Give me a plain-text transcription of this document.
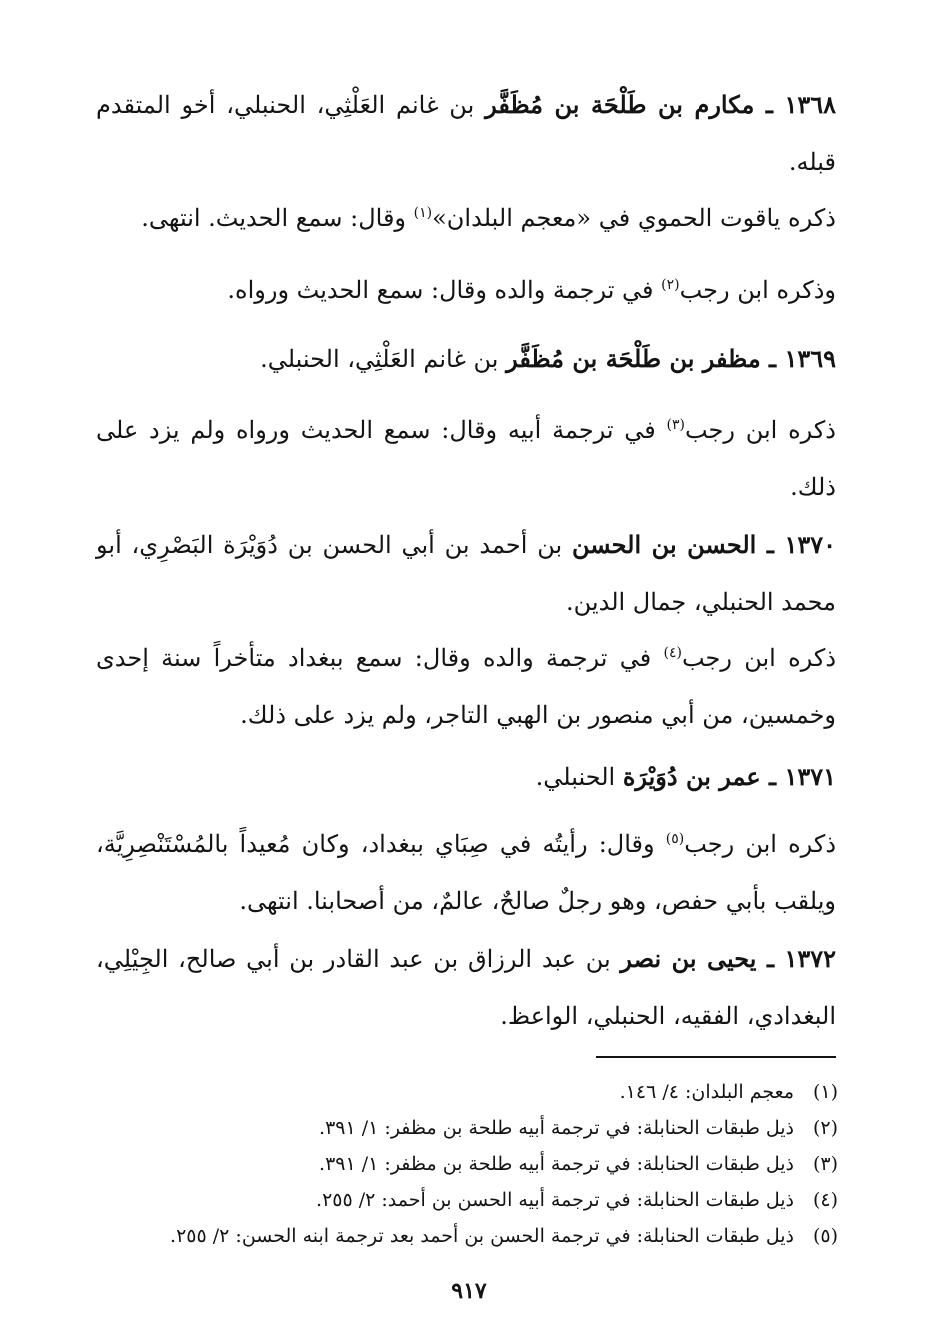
١٣٦٨ ـ مكارم بن طَلْحَة بن مُظَفَّر بن غانم العَلْثِي، الحنبلي، أخو المتقدم قبله.
ذكره ياقوت الحموي في «معجم البلدان»$^{(١)}$ وقال: سمع الحديث. انتهى.
وذكره ابن رجب$^{(٢)}$ في ترجمة والده وقال: سمع الحديث ورواه.
١٣٦٩ ـ مظفر بن طَلْحَة بن مُظَفَّر بن غانم العَلْثِي، الحنبلي.
ذكره ابن رجب$^{(٣)}$ في ترجمة أبيه وقال: سمع الحديث ورواه ولم يزد على ذلك.
١٣٧٠ ـ الحسن بن الحسن بن أحمد بن أبي الحسن بن دُوَيْرَة البَصْرِي، أبو محمد الحنبلي، جمال الدين.
ذكره ابن رجب$^{(٤)}$ في ترجمة والده وقال: سمع ببغداد متأخراً سنة إحدى وخمسين، من أبي منصور بن الهبي التاجر، ولم يزد على ذلك.
١٣٧١ ـ عمر بن دُوَيْرَة الحنبلي.
ذكره ابن رجب$^{(٥)}$ وقال: رأيتُه في صِبَاي ببغداد، وكان مُعيداً بالمُسْتَنْصِرِيَّة، ويلقب بأبي حفص، وهو رجلٌ صالحٌ، عالمٌ، من أصحابنا. انتهى.
١٣٧٢ ـ يحيى بن نصر بن عبد الرزاق بن عبد القادر بن أبي صالح، الجِيْلِي، البغدادي، الفقيه، الحنبلي، الواعظ.
(١)
معجم البلدان: ٤/ ١٤٦.
(٢)
ذيل طبقات الحنابلة: في ترجمة أبيه طلحة بن مظفر: ١/ ٣٩١.
(٣)
ذيل طبقات الحنابلة: في ترجمة أبيه طلحة بن مظفر: ١/ ٣٩١.
(٤)
ذيل طبقات الحنابلة: في ترجمة أبيه الحسن بن أحمد: ٢/ ٢٥٥.
(٥)
ذيل طبقات الحنابلة: في ترجمة الحسن بن أحمد بعد ترجمة ابنه الحسن: ٢/ ٢٥٥.
٩١٧
